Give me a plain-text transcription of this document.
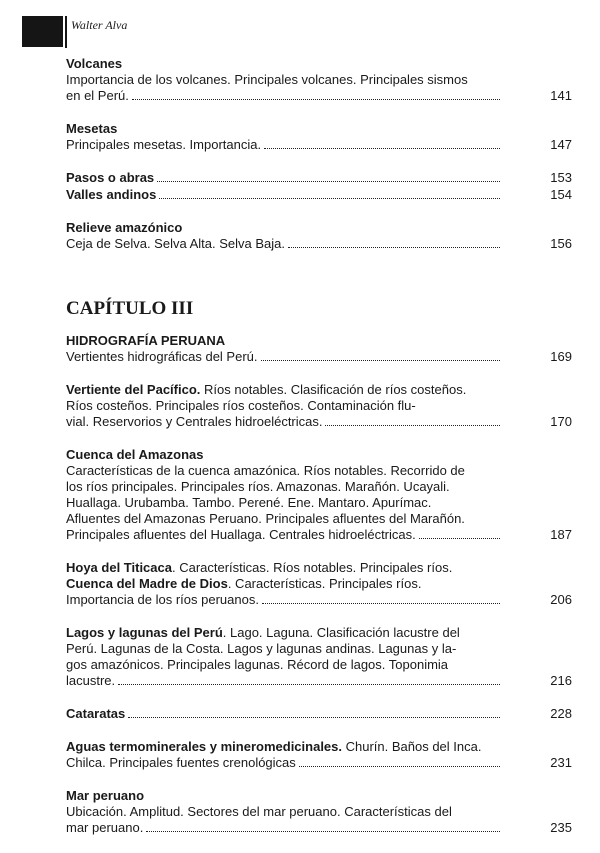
Walter Alva
Volcanes
Importancia de los volcanes. Principales volcanes. Principales sismos
en el Perú.	141
Mesetas
Principales mesetas. Importancia.	147
Pasos o abras	153
Valles andinos	154
Relieve amazónico
Ceja de Selva. Selva Alta. Selva Baja.	156
CAPÍTULO III
HIDROGRAFÍA PERUANA
Vertientes hidrográficas del Perú.	169
Vertiente del Pacífico. Ríos notables. Clasificación de ríos costeños.
Ríos costeños. Principales ríos costeños. Contaminación flu-
vial. Reservorios y Centrales hidroeléctricas.	170
Cuenca del Amazonas
Características de la cuenca amazónica. Ríos notables. Recorrido de
los ríos principales. Principales ríos. Amazonas. Marañón. Ucayali.
Huallaga. Urubamba. Tambo. Perené. Ene. Mantaro. Apurímac.
Afluentes del Amazonas Peruano. Principales afluentes del Marañón.
Principales afluentes del Huallaga. Centrales hidroeléctricas.	187
Hoya del Titicaca. Características. Ríos notables. Principales ríos.
Cuenca del Madre de Dios. Características. Principales ríos.
Importancia de los ríos peruanos.	206
Lagos y lagunas del Perú. Lago. Laguna. Clasificación lacustre del
Perú. Lagunas de la Costa. Lagos y lagunas andinas. Lagunas y la-
gos amazónicos. Principales lagunas. Récord de lagos. Toponimia
lacustre.	216
Cataratas	228
Aguas termominerales y mineromedicinales. Churín. Baños del Inca.
Chilca. Principales fuentes crenológicas	231
Mar peruano
Ubicación. Amplitud. Sectores del mar peruano. Características del
mar peruano.	235
